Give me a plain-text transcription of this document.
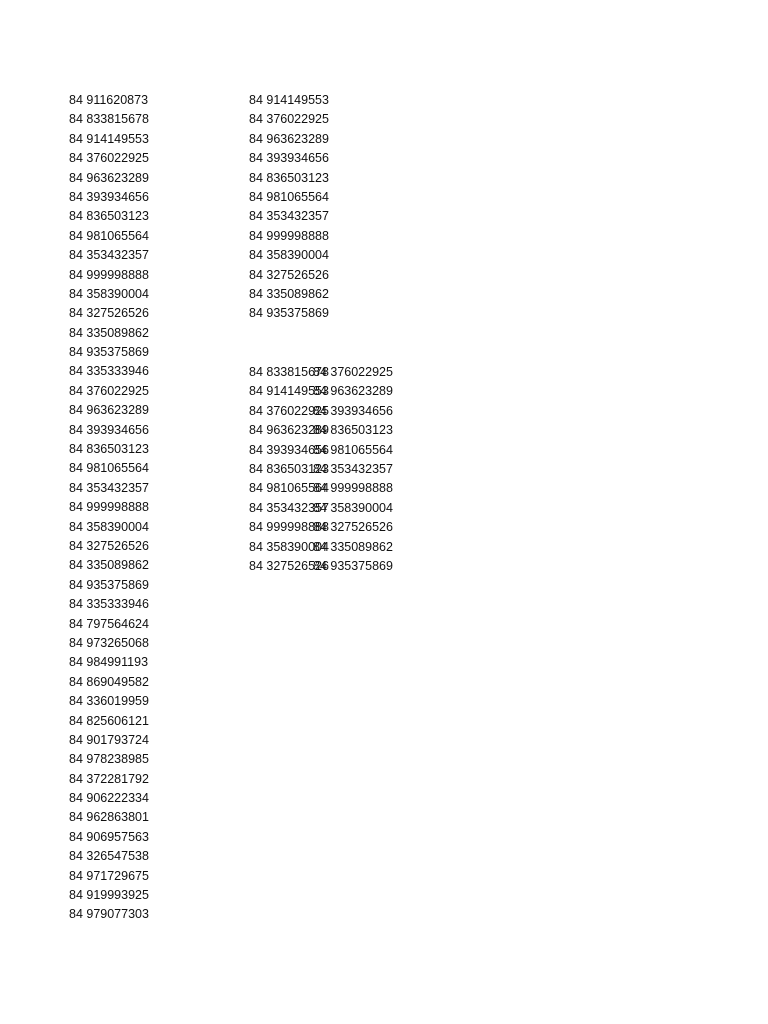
84 911620873
84 833815678
84 914149553
84 376022925
84 963623289
84 393934656
84 836503123
84 981065564
84 353432357
84 999998888
84 358390004
84 327526526
84 335089862
84 935375869
84 335333946
84 376022925
84 963623289
84 393934656
84 836503123
84 981065564
84 353432357
84 999998888
84 358390004
84 327526526
84 335089862
84 935375869
84 335333946
84 797564624
84 973265068
84 984991193
84 869049582
84 336019959
84 825606121
84 901793724
84 978238985
84 372281792
84 906222334
84 962863801
84 906957563
84 326547538
84 971729675
84 919993925
84 979077303
84 914149553
84 376022925
84 963623289
84 393934656
84 836503123
84 981065564
84 353432357
84 999998888
84 358390004
84 327526526
84 335089862
84 935375869
84 833815678
84 914149553
84 376022925
84 963623289
84 393934656
84 836503123
84 981065564
84 353432357
84 999998888
84 358390004
84 327526526
84 376022925
84 963623289
84 393934656
84 836503123
84 981065564
84 353432357
84 999998888
84 358390004
84 327526526
84 335089862
84 935375869
